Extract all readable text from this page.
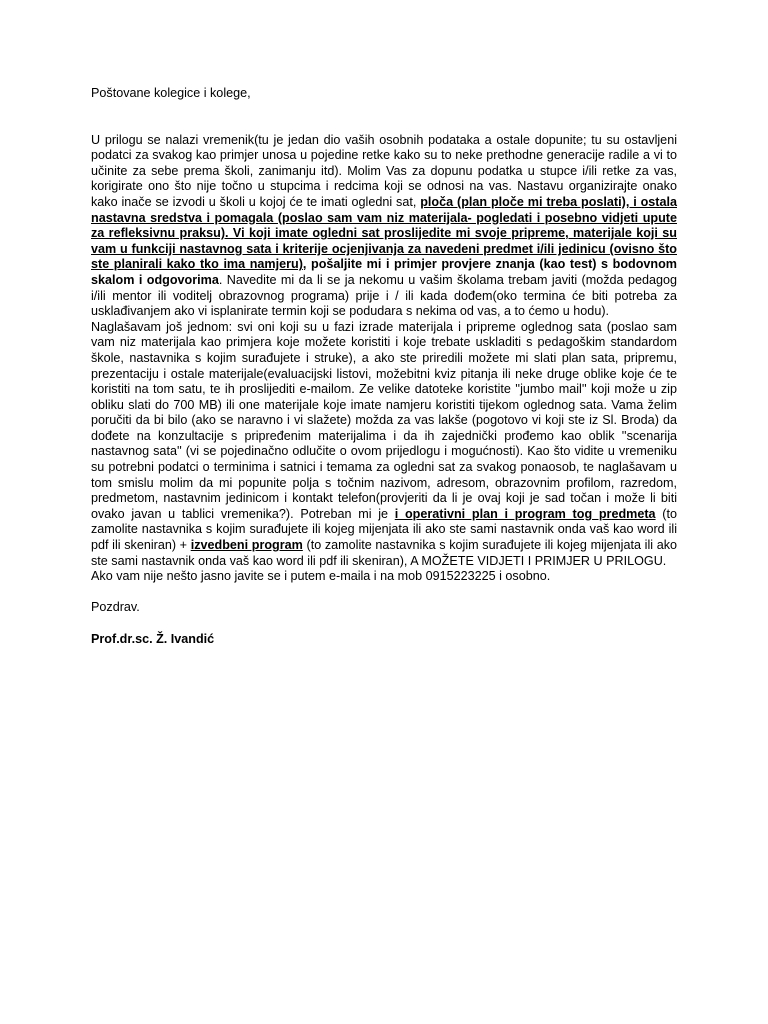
Poštovane kolegice i kolege,

U prilogu se nalazi vremenik(tu je jedan dio vaših osobnih podataka a ostale dopunite; tu su ostavljeni podatci za svakog kao primjer unosa u pojedine retke kako su to neke prethodne generacije radile a vi to učinite za sebe prema školi, zanimanju itd). Molim Vas za dopunu podatka u stupce i/ili retke za vas, korigirate ono što nije točno u stupcima i redcima koji se odnosi na vas. Nastavu organizirajte onako kako inače se izvodi u školi u kojoj će te imati ogledni sat, ploča (plan ploče mi treba poslati), i ostala nastavna sredstva i pomagala (poslao sam vam niz materijala- pogledati i posebno vidjeti upute za refleksivnu praksu). Vi koji imate ogledni sat proslijedite mi svoje pripreme, materijale koji su vam u funkciji nastavnog sata i kriterije ocjenjivanja za navedeni predmet i/ili jedinicu (ovisno što ste planirali kako tko ima namjeru), pošaljite mi i primjer provjere znanja (kao test) s bodovnom skalom i odgovorima. Navedite mi da li se ja nekomu u vašim školama trebam javiti (možda pedagog i/ili mentor ili voditelj obrazovnog programa) prije i / ili kada dođem(oko termina će biti potreba za usklađivanjem ako vi isplanirate termin koji se podudara s nekima od vas, a to ćemo u hodu).

Naglašavam još jednom: svi oni koji su u fazi izrade materijala i pripreme oglednog sata (poslao sam vam niz materijala kao primjera koje možete koristiti i koje trebate uskladiti s pedagoškim standardom škole, nastavnika s kojim surađujete i struke), a ako ste priredili možete mi slati plan sata, pripremu, prezentaciju i ostale materijale(evaluacijski listovi, možebitni kviz pitanja ili neke druge oblike koje će te koristiti na tom satu, te ih proslijediti e-mailom. Ze velike datoteke koristite ''jumbo mail'' koji može u zip obliku slati do 700 MB) ili one materijale koje imate namjeru koristiti tijekom oglednog sata. Vama želim poručiti da bi bilo (ako se naravno i vi slažete) možda za vas lakše (pogotovo vi koji ste iz Sl. Broda) da dođete na konzultacije s pripređenim materijalima i da ih zajednički prođemo kao oblik ''scenarija nastavnog sata'' (vi se pojedinačno odlučite o ovom prijedlogu i mogućnosti). Kao što vidite u vremeniku su potrebni podatci o terminima i satnici i temama za ogledni sat za svakog ponaosob, te naglašavam u tom smislu molim da mi popunite polja s točnim nazivom, adresom, obrazovnim profilom, razredom, predmetom, nastavnim jedinicom i kontakt telefon(provjeriti da li je ovaj koji je sad točan i može li biti ovako javan u tablici vremenika?). Potreban mi je i operativni plan i program tog predmeta (to zamolite nastavnika s kojim surađujete ili kojeg mijenjata ili ako ste sami nastavnik onda vaš kao word ili pdf ili skeniran) + izvedbeni program (to zamolite nastavnika s kojim surađujete ili kojeg mijenjata ili ako ste sami nastavnik onda vaš kao word ili pdf ili skeniran), A MOŽETE VIDJETI I PRIMJER U PRILOGU.

Ako vam nije nešto jasno javite se i putem e-maila i na mob 0915223225 i osobno.

Pozdrav.

Prof.dr.sc. Ž. Ivandić
